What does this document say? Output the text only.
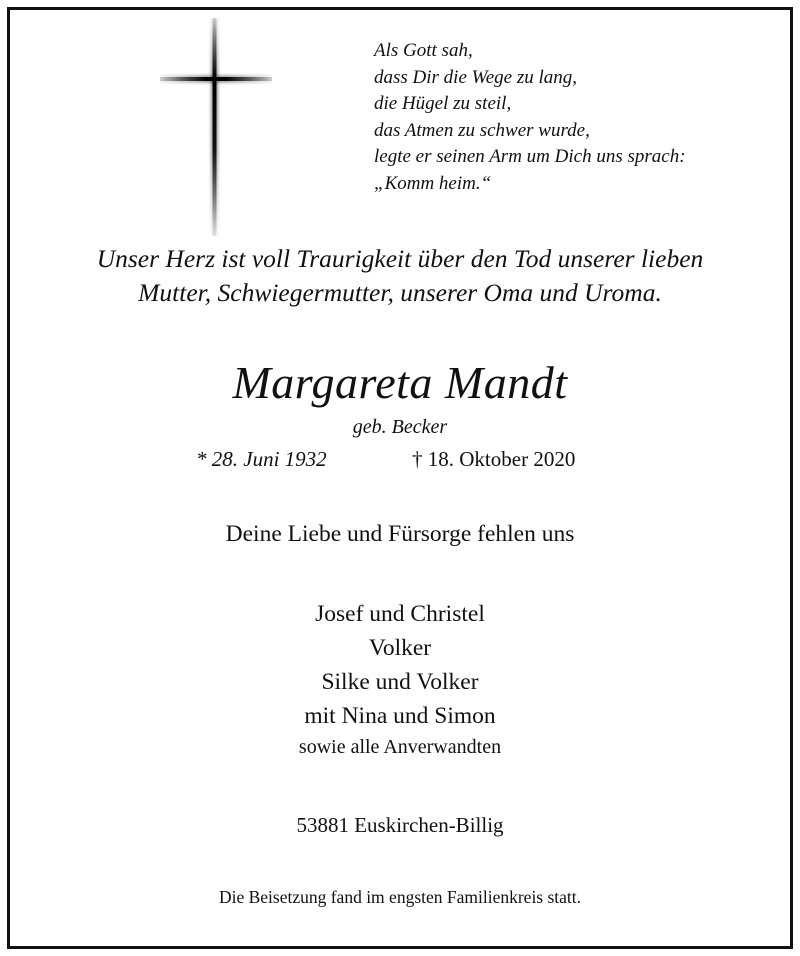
Als Gott sah,
dass Dir die Wege zu lang,
die Hügel zu steil,
das Atmen zu schwer wurde,
legte er seinen Arm um Dich uns sprach:
„Komm heim.“
Unser Herz ist voll Traurigkeit über den Tod unserer lieben
Mutter, Schwiegermutter, unserer Oma und Uroma.
Margareta Mandt
geb. Becker
* 28. Juni 1932	† 18. Oktober 2020
Deine Liebe und Fürsorge fehlen uns
Josef und Christel
Volker
Silke und Volker
mit Nina und Simon
sowie alle Anverwandten
53881 Euskirchen-Billig
Die Beisetzung fand im engsten Familienkreis statt.
